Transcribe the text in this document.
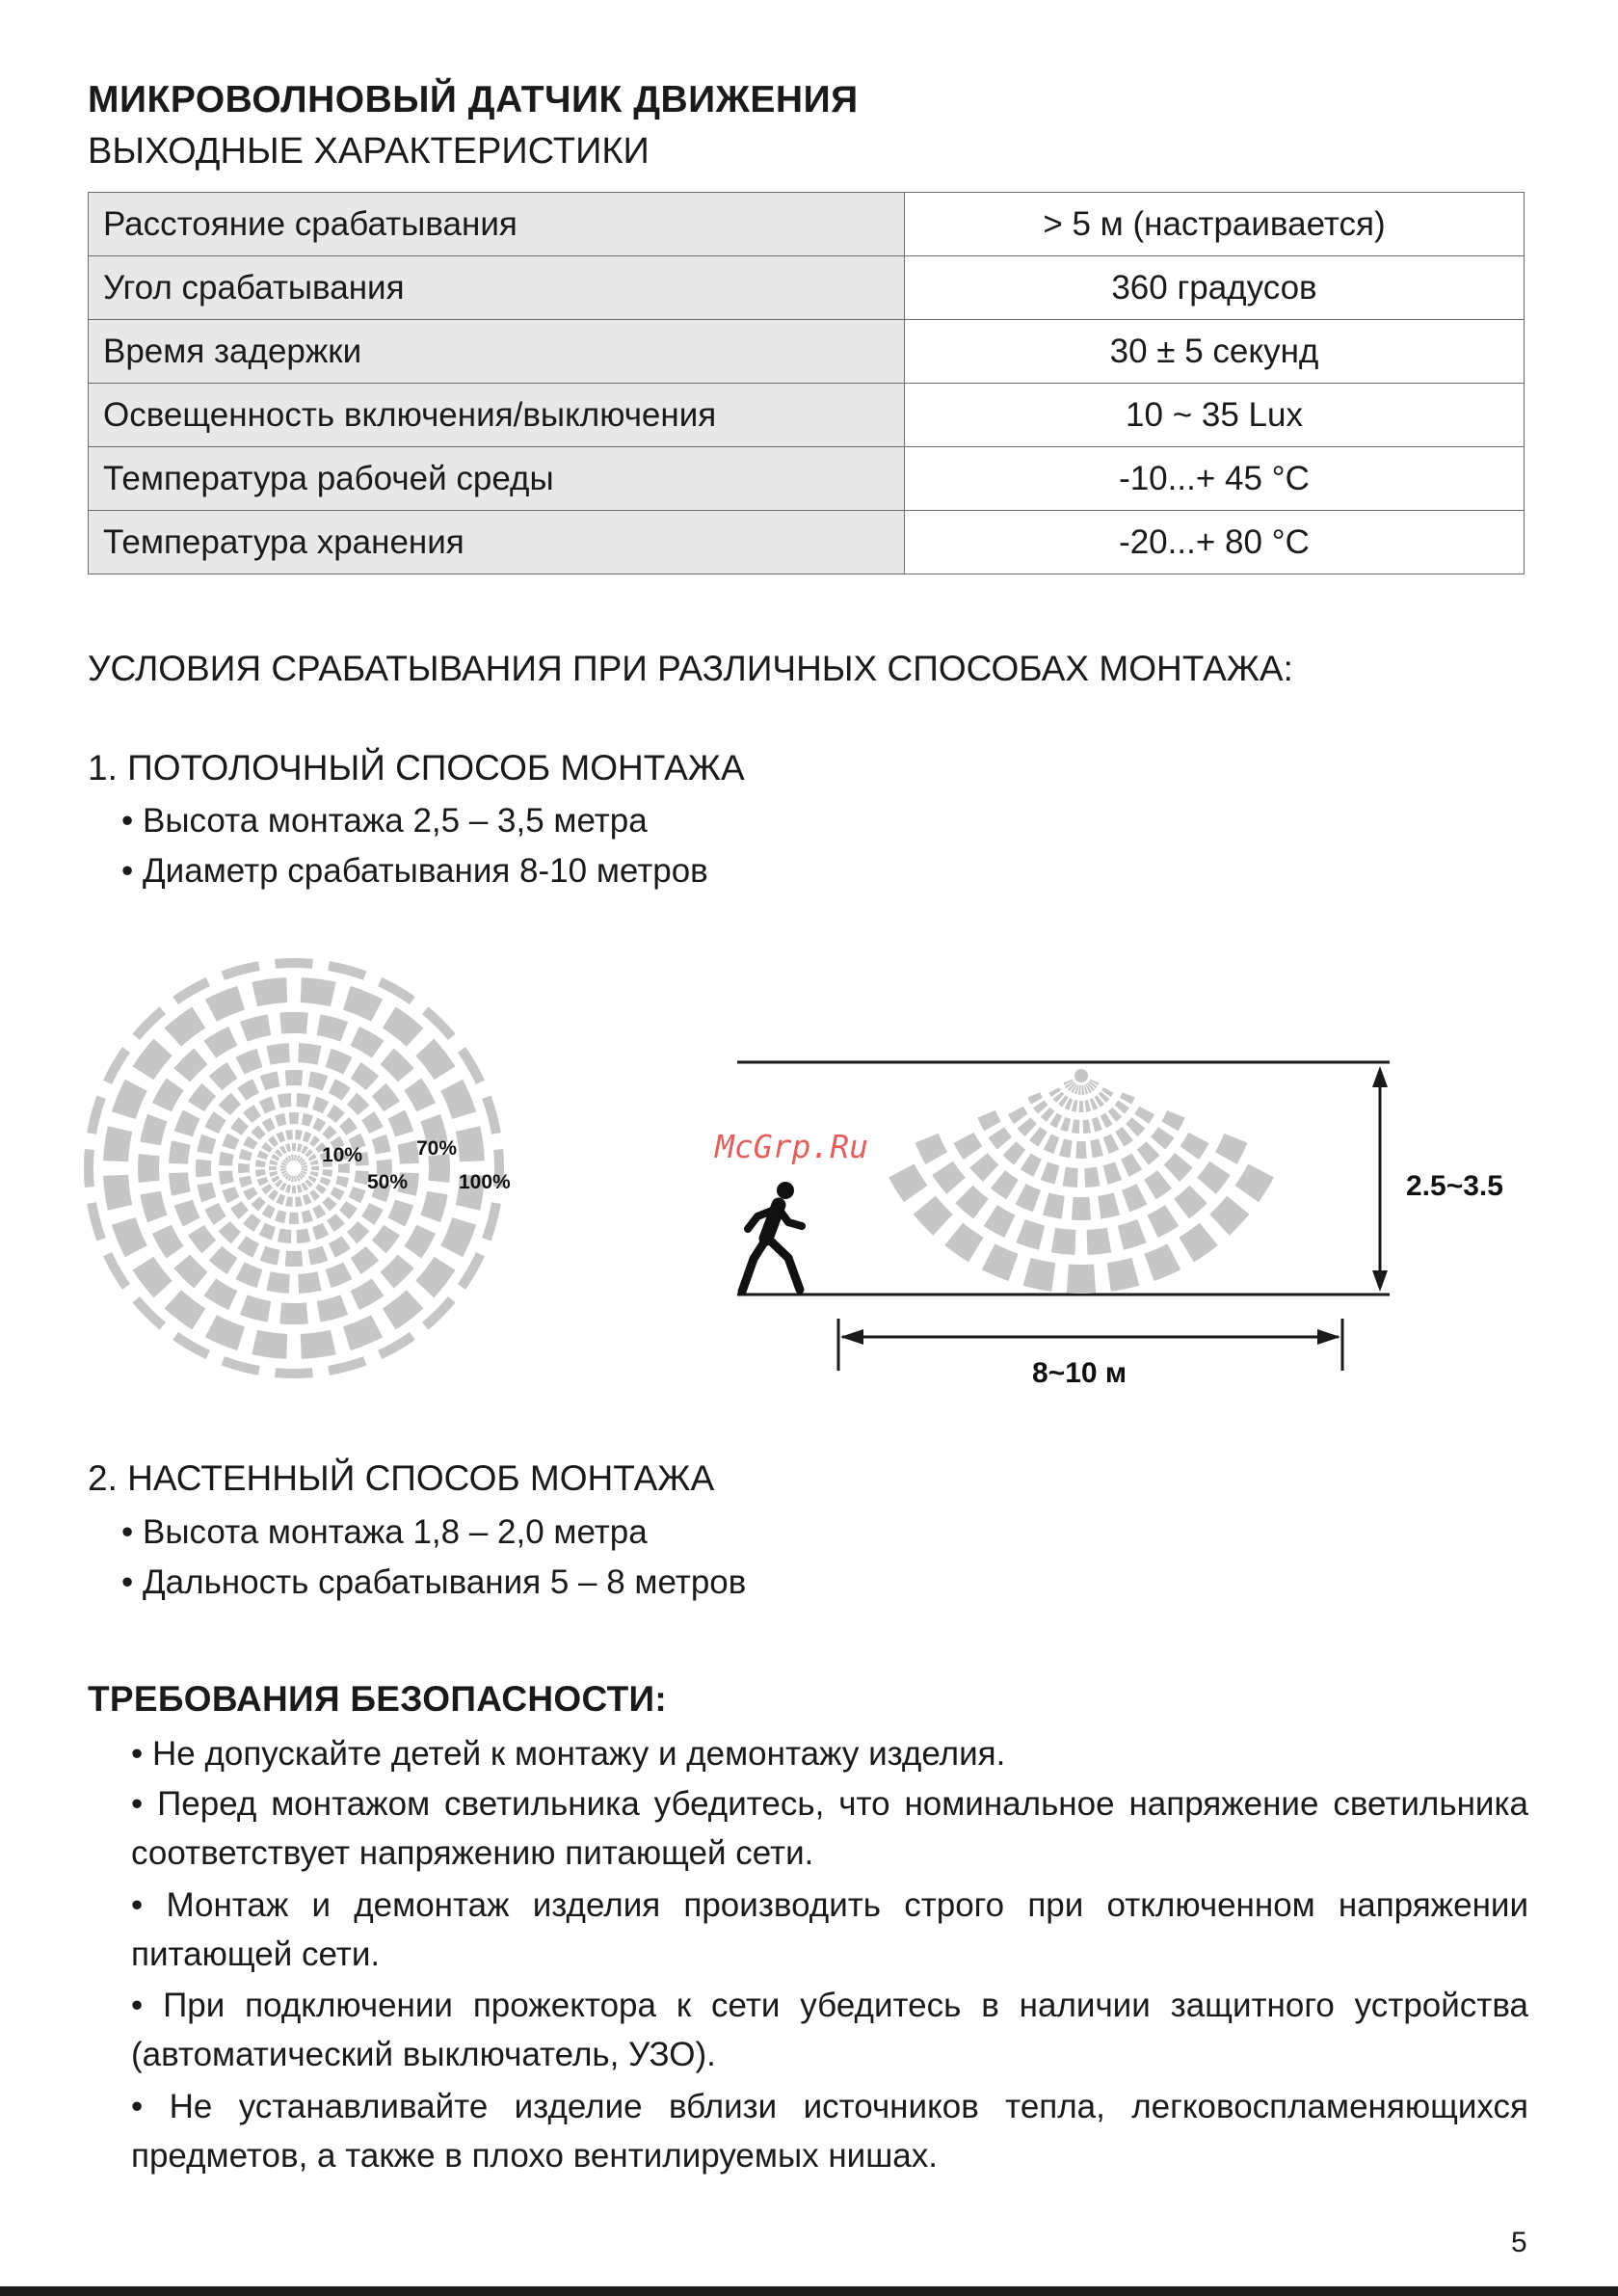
МИКРОВОЛНОВЫЙ ДАТЧИК ДВИЖЕНИЯ
ВЫХОДНЫЕ ХАРАКТЕРИСТИКИ
Расстояние срабатывания	> 5 м (настраивается)
Угол срабатывания	360 градусов
Время задержки	30 ± 5 секунд
Освещенность включения/выключения	10 ~ 35 Lux
Температура рабочей среды	-10...+ 45 °C
Температура хранения	-20...+ 80 °C
УСЛОВИЯ СРАБАТЫВАНИЯ ПРИ РАЗЛИЧНЫХ СПОСОБАХ МОНТАЖА:
1. ПОТОЛОЧНЫЙ СПОСОБ МОНТАЖА
• Высота монтажа 2,5 – 3,5 метра
• Диаметр срабатывания 8-10 метров
10%
50%
70%
100%
McGrp.Ru
2.5~3.5
8~10 м
2. НАСТЕННЫЙ СПОСОБ МОНТАЖА
• Высота монтажа 1,8 – 2,0 метра
• Дальность срабатывания 5 – 8 метров
ТРЕБОВАНИЯ БЕЗОПАСНОСТИ:
• Не допускайте детей к монтажу и демонтажу изделия.
• Перед монтажом светильника убедитесь, что номинальное напряжение светильника соответствует напряжению питающей сети.
• Монтаж и демонтаж изделия производить строго при отключенном напряжении питающей сети.
• При подключении прожектора к сети убедитесь в наличии защитного устройства (автоматический выключатель, УЗО).
• Не устанавливайте изделие вблизи источников тепла, легковоспламеняющихся предметов, а также в плохо вентилируемых нишах.
5
